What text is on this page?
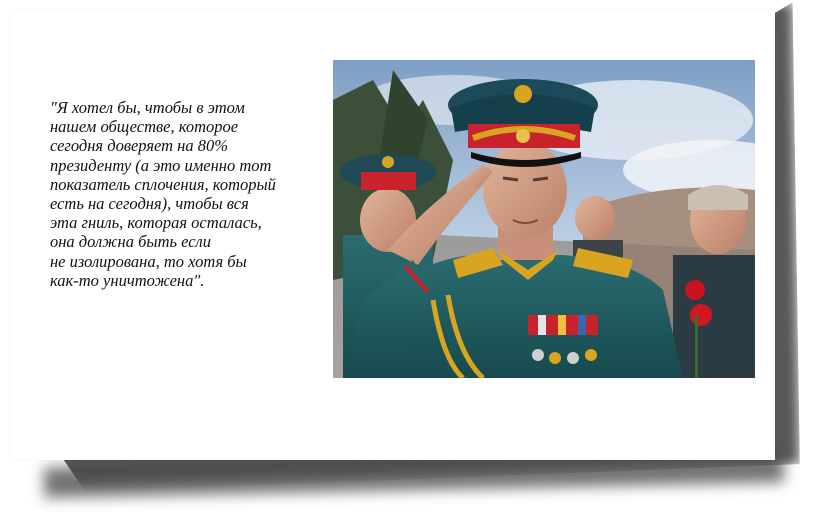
"Я хотел бы, чтобы в этом
нашем обществе, которое
сегодня доверяет на 80%
президенту (а это именно тот
показатель сплочения, который
есть на сегодня), чтобы вся
эта гниль, которая осталась,
она должна быть если
не изолирована, то хотя бы
как-то уничтожена".
